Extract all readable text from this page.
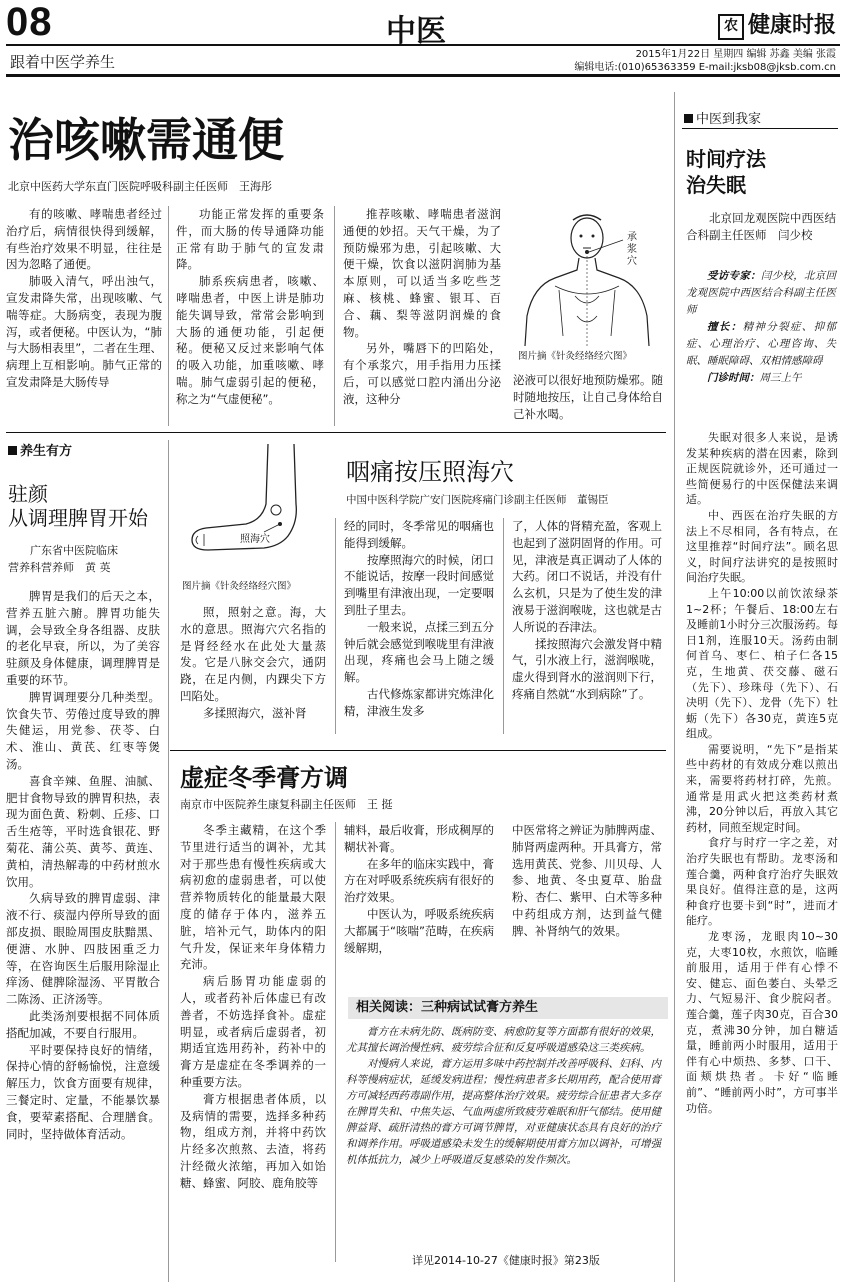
08	中医	农 健康时报
跟着中医学养生	2015年1月22日 星期四 编辑 苏鑫 美编 张霞
编辑电话:(010)65363359 E-mail:jksb08@jksb.com.cn
治咳嗽需通便
北京中医药大学东直门医院呼吸科副主任医师　王海彤

有的咳嗽、哮喘患者经过治疗后，病情很快得到缓解，有些治疗效果不明显，往往是因为忽略了通便。

肺吸入清气，呼出浊气，宣发肃降失常，出现咳嗽、气喘等症。大肠病变，表现为腹泻，或者便秘。中医认为，“肺与大肠相表里”，二者在生理、病理上互相影响。肺气正常的宣发肃降是大肠传导

功能正常发挥的重要条件，而大肠的传导通降功能正常有助于肺气的宣发肃降。

肺系疾病患者，咳嗽、哮喘患者，中医上讲是肺功能失调导致，常常会影响到大肠的通便功能，引起便秘。便秘又反过来影响气体的吸入功能，加重咳嗽、哮喘。肺气虚弱引起的便秘，称之为“气虚便秘”。

推荐咳嗽、哮喘患者滋润通便的妙招。天气干燥，为了预防燥邪为患，引起咳嗽、大便干燥，饮食以滋阴润肺为基本原则，可以适当多吃些芝麻、核桃、蜂蜜、银耳、百合、藕、梨等滋阴润燥的食物。

另外，嘴唇下的凹陷处，有个承浆穴，用手指用力压揉后，可以感觉口腔内涌出分泌液，这种分

承浆穴
图片摘《针灸经络经穴图》

泌液可以很好地预防燥邪。随时随地按压，让自己身体给自己补水喝。

养生有方
驻颜
从调理脾胃开始
广东省中医院临床
营养科营养师　黄 英

脾胃是我们的后天之本，营养五脏六腑。脾胃功能失调，会导致全身各组器、皮肤的老化早衰，所以，为了美容驻颜及身体健康，调理脾胃是重要的环节。

脾胃调理要分几种类型。饮食失节、劳倦过度导致的脾失健运，用党参、茯苓、白术、淮山、黄芪、红枣等煲汤。

喜食辛辣、鱼腥、油腻、肥甘食物导致的脾胃积热，表现为面色黄、粉刺、丘疹、口舌生疮等，平时选食银花、野菊花、蒲公英、黄芩、黄连、黄柏，清热解毒的中药材煎水饮用。

久病导致的脾胃虚弱、津液不行、痰湿内停所导致的面部皮损、眼睑周围皮肤黯黑、便溏、水肿、四肢困重乏力等，在咨询医生后服用除湿止痒汤、健脾除湿汤、平胃散合二陈汤、正济汤等。

此类汤剂要根据不同体质搭配加减，不要自行服用。

平时要保持良好的情绪，保持心情的舒畅愉悦，注意缓解压力，饮食方面要有规律，三餐定时、定量，不能暴饮暴食，要荤素搭配、合理膳食。同时，坚持做体育活动。

照海穴
图片摘《针灸经络经穴图》
咽痛按压照海穴
中国中医科学院广安门医院疼痛门诊副主任医师　董锡臣

照，照射之意。海，大水的意思。照海穴穴名指的是肾经经水在此处大量蒸发。它是八脉交会穴，通阴跷，在足内侧，内踝尖下方凹陷处。

多揉照海穴，滋补肾

经的同时，冬季常见的咽痛也能得到缓解。

按摩照海穴的时候，闭口不能说话，按摩一段时间感觉到嘴里有津液出现，一定要咽到肚子里去。

一般来说，点揉三到五分钟后就会感觉到喉咙里有津液出现，疼痛也会马上随之缓解。

古代修炼家都讲究炼津化精，津液生发多

了，人体的肾精充盈，客观上也起到了滋阴固肾的作用。可见，津液是真正调动了人体的大药。闭口不说话，并没有什么玄机，只是为了使生发的津液易于滋润喉咙，这也就是古人所说的吞津法。

揉按照海穴会激发肾中精气，引水液上行，滋润喉咙，虚火得到肾水的滋润则下行，疼痛自然就“水到病除”了。

虚症冬季膏方调
南京市中医院养生康复科副主任医师　王 挺

冬季主藏精，在这个季节里进行适当的调补，尤其对于那些患有慢性疾病或大病初愈的虚弱患者，可以使营养物质转化的能量最大限度的储存于体内，滋养五脏，培补元气，助体内的阳气升发，保证来年身体精力充沛。

病后肠胃功能虚弱的人，或者药补后体虚已有改善者，不妨选择食补。虚症明显，或者病后虚弱者，初期适宜选用药补，药补中的膏方是虚症在冬季调养的一种重要方法。

膏方根据患者体质，以及病情的需要，选择多种药物，组成方剂，并将中药饮片经多次煎熬、去渣，将药汁经微火浓缩，再加入如饴糖、蜂蜜、阿胶、鹿角胶等

辅料，最后收膏，形成稠厚的糊状补膏。

在多年的临床实践中，膏方在对呼吸系统疾病有很好的治疗效果。

中医认为，呼吸系统疾病大都属于“咳喘”范畴，在疾病缓解期，

中医常将之辨证为肺脾两虚、肺肾两虚两种。开具膏方，常选用黄芪、党参、川贝母、人参、地黄、冬虫夏草、胎盘粉、杏仁、紫甲、白术等多种中药组成方剂，达到益气健脾、补肾纳气的效果。

相关阅读：三种病试试膏方养生

膏方在未病先防、既病防变、病愈防复等方面都有很好的效果，尤其擅长调治慢性病、疲劳综合征和反复呼吸道感染这三类疾病。

对慢病人来说，膏方运用多味中药控制并改善呼吸科、妇科、内科等慢病症状，延缓发病进程；慢性病患者多长期用药，配合使用膏方可减轻西药毒副作用，提高整体治疗效果。疲劳综合征患者大多存在脾胃失和、中焦失运、气血两虚所致疲劳难眠和肝气郁结。使用健脾益肾、疏肝清热的膏方可调节脾胃，对亚健康状态具有良好的治疗和调养作用。呼吸道感染未发生的缓解期使用膏方加以调补，可增强机体抵抗力，减少上呼吸道反复感染的发作频次。

详见2014-10-27《健康时报》第23版
中医到我家
时间疗法
治失眠

北京回龙观医院中西医结合科副主任医师　闫少校

受访专家：闫少校，北京回龙观医院中西医结合科副主任医师

擅长：精神分裂症、抑郁症、心理治疗、心理咨询、失眠、睡眠障碍、双相情感障碍

门诊时间：周三上午

失眠对很多人来说，是诱发某种疾病的潜在因素，除到正规医院就诊外，还可通过一些简便易行的中医保健法来调适。

中、西医在治疗失眠的方法上不尽相同，各有特点，在这里推荐“时间疗法”。顾名思义，时间疗法讲究的是按照时间治疗失眠。

上午10:00以前饮浓绿茶1~2杯；午餐后、18:00左右及睡前1小时分三次服汤药。每日1剂，连服10天。汤药由制何首乌、枣仁、柏子仁各15克，生地黄、茯交藤、磁石（先下）、珍珠母（先下）、石决明（先下）、龙骨（先下）牡蛎（先下）各30克，黄连5克组成。

需要说明，“先下”是指某些中药材的有效成分难以煎出来，需要将药材打碎，先煎。通常是用武火把这类药材煮沸，20分钟以后，再放入其它药材，同煎至规定时间。

食疗与时疗一字之差，对治疗失眠也有帮助。龙枣汤和莲合羹，两种食疗治疗失眠效果良好。值得注意的是，这两种食疗也要卡到“时”，进而才能疗。

龙枣汤，龙眼肉10~30克，大枣10枚，水煎饮，临睡前服用，适用于伴有心悸不安、健忘、面色萎白、头晕乏力、气短易汗、食少脘闷者。莲合羹，莲子肉30克，百合30克，煮沸30分钟，加白糖适量，睡前两小时服用，适用于伴有心中烦热、多梦、口干、面颊烘热者。卡好“临睡前”、“睡前两小时”，方可事半功倍。
